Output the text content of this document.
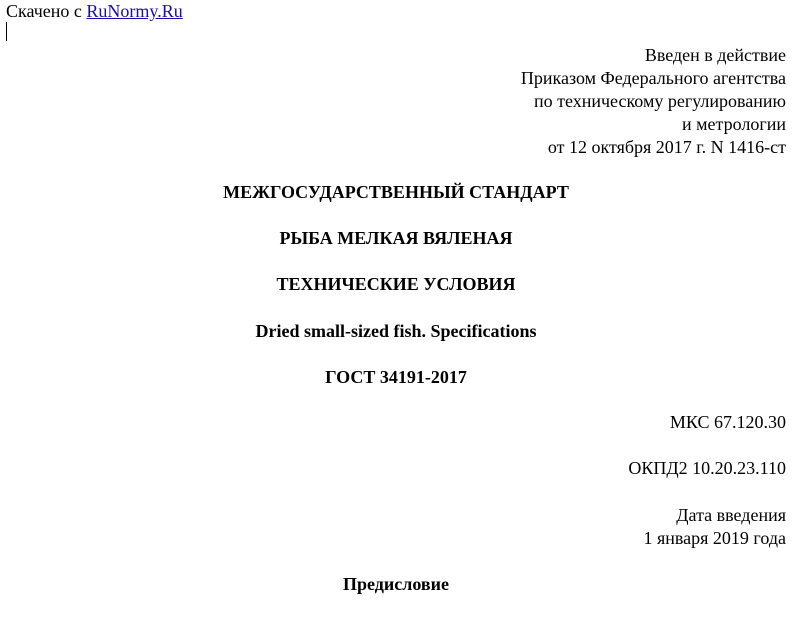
Скачено с RuNormy.Ru
Введен в действие
Приказом Федерального агентства
по техническому регулированию
и метрологии
от 12 октября 2017 г. N 1416-ст
МЕЖГОСУДАРСТВЕННЫЙ СТАНДАРТ
РЫБА МЕЛКАЯ ВЯЛЕНАЯ
ТЕХНИЧЕСКИЕ УСЛОВИЯ
Dried small-sized fish. Specifications
ГОСТ 34191-2017
МКС 67.120.30
ОКПД2 10.20.23.110
Дата введения
1 января 2019 года
Предисловие
